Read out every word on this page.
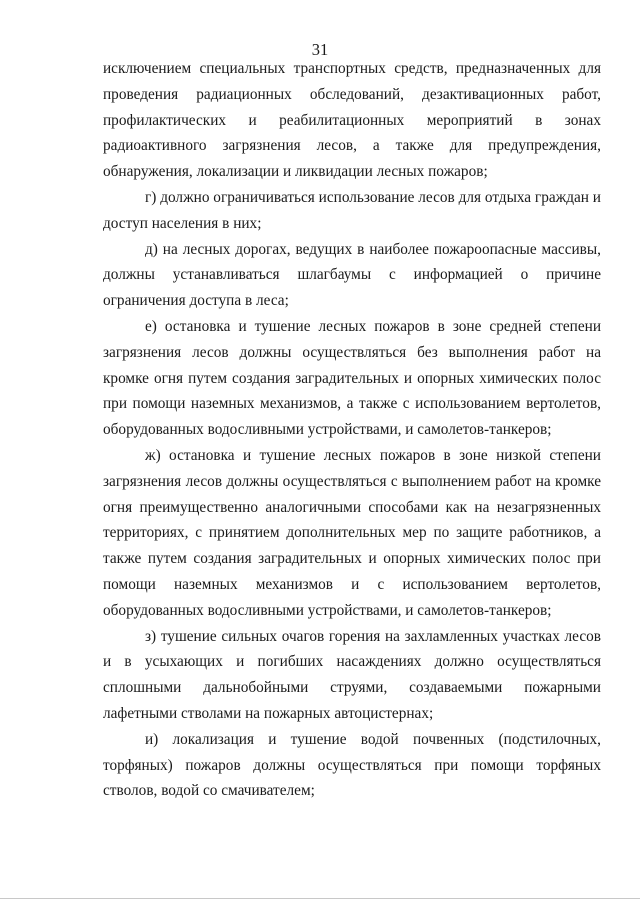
31

исключением специальных транспортных средств, предназначенных для проведения радиационных обследований, дезактивационных работ, профилактических и реабилитационных мероприятий в зонах радиоактивного загрязнения лесов, а также для предупреждения, обнаружения, локализации и ликвидации лесных пожаров;

г) должно ограничиваться использование лесов для отдыха граждан и доступ населения в них;

д) на лесных дорогах, ведущих в наиболее пожароопасные массивы, должны устанавливаться шлагбаумы с информацией о причине ограничения доступа в леса;

е) остановка и тушение лесных пожаров в зоне средней степени загрязнения лесов должны осуществляться без выполнения работ на кромке огня путем создания заградительных и опорных химических полос при помощи наземных механизмов, а также с использованием вертолетов, оборудованных водосливными устройствами, и самолетов-танкеров;

ж) остановка и тушение лесных пожаров в зоне низкой степени загрязнения лесов должны осуществляться с выполнением работ на кромке огня преимущественно аналогичными способами как на незагрязненных территориях, с принятием дополнительных мер по защите работников, а также путем создания заградительных и опорных химических полос при помощи наземных механизмов и с использованием вертолетов, оборудованных водосливными устройствами, и самолетов-танкеров;

з) тушение сильных очагов горения на захламленных участках лесов и в усыхающих и погибших насаждениях должно осуществляться сплошными дальнобойными струями, создаваемыми пожарными лафетными стволами на пожарных автоцистернах;

и) локализация и тушение водой почвенных (подстилочных, торфяных) пожаров должны осуществляться при помощи торфяных стволов, водой со смачивателем;
